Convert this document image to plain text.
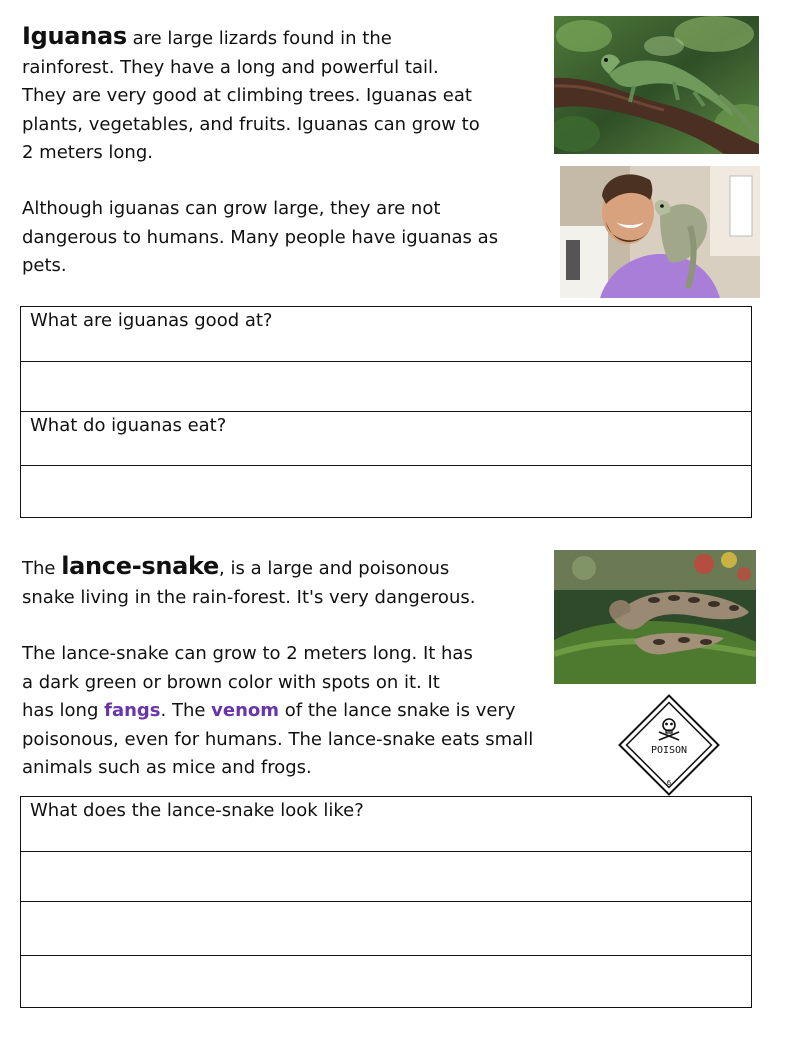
Iguanas are large lizards found in the
rainforest. They have a long and powerful tail.
They are very good at climbing trees. Iguanas eat
plants, vegetables, and fruits. Iguanas can grow to
2 meters long.
Although iguanas can grow large, they are not
dangerous to humans. Many people have iguanas as
pets.
What are iguanas good at?
What do iguanas eat?
The lance-snake, is a large and poisonous
snake living in the rain-forest. It's very dangerous.
The lance-snake can grow to 2 meters long. It has
a dark green or brown color with spots on it. It
has long fangs. The venom of the lance snake is very
poisonous, even for humans. The lance-snake eats small
animals such as mice and frogs.
POISON
6
What does the lance-snake look like?
